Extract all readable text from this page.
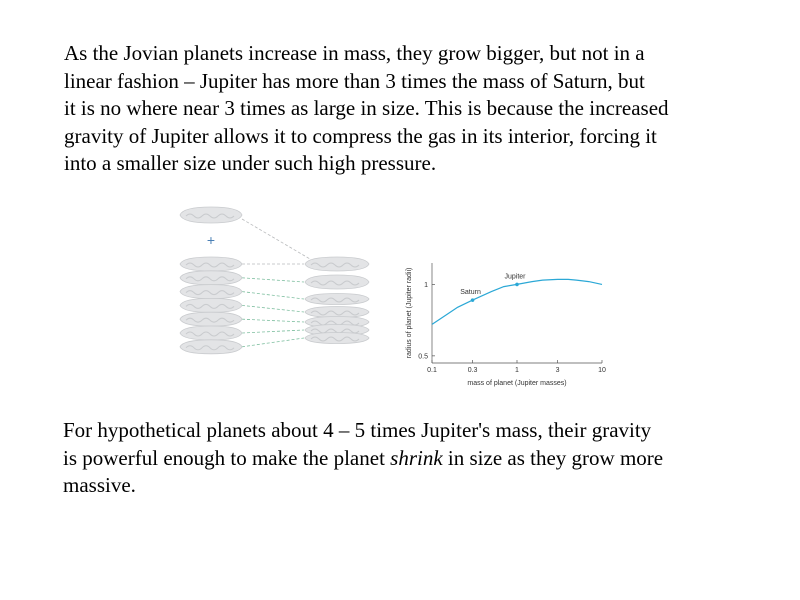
As the Jovian planets increase in mass, they grow bigger, but not in a
linear fashion – Jupiter has more than 3 times the mass of Saturn, but
it is no where near 3 times as large in size. This is because the increased
gravity of Jupiter allows it to compress the gas in its interior, forcing it
into a smaller size under such high pressure.
+
mass of planet (Jupiter masses)
radius of planet (Jupiter radii)
0.1	0.3	1	3	10
0.5
1
Saturn
Jupiter
For hypothetical planets about 4 – 5 times Jupiter's mass, their gravity
is powerful enough to make the planet shrink in size as they grow more
massive.
